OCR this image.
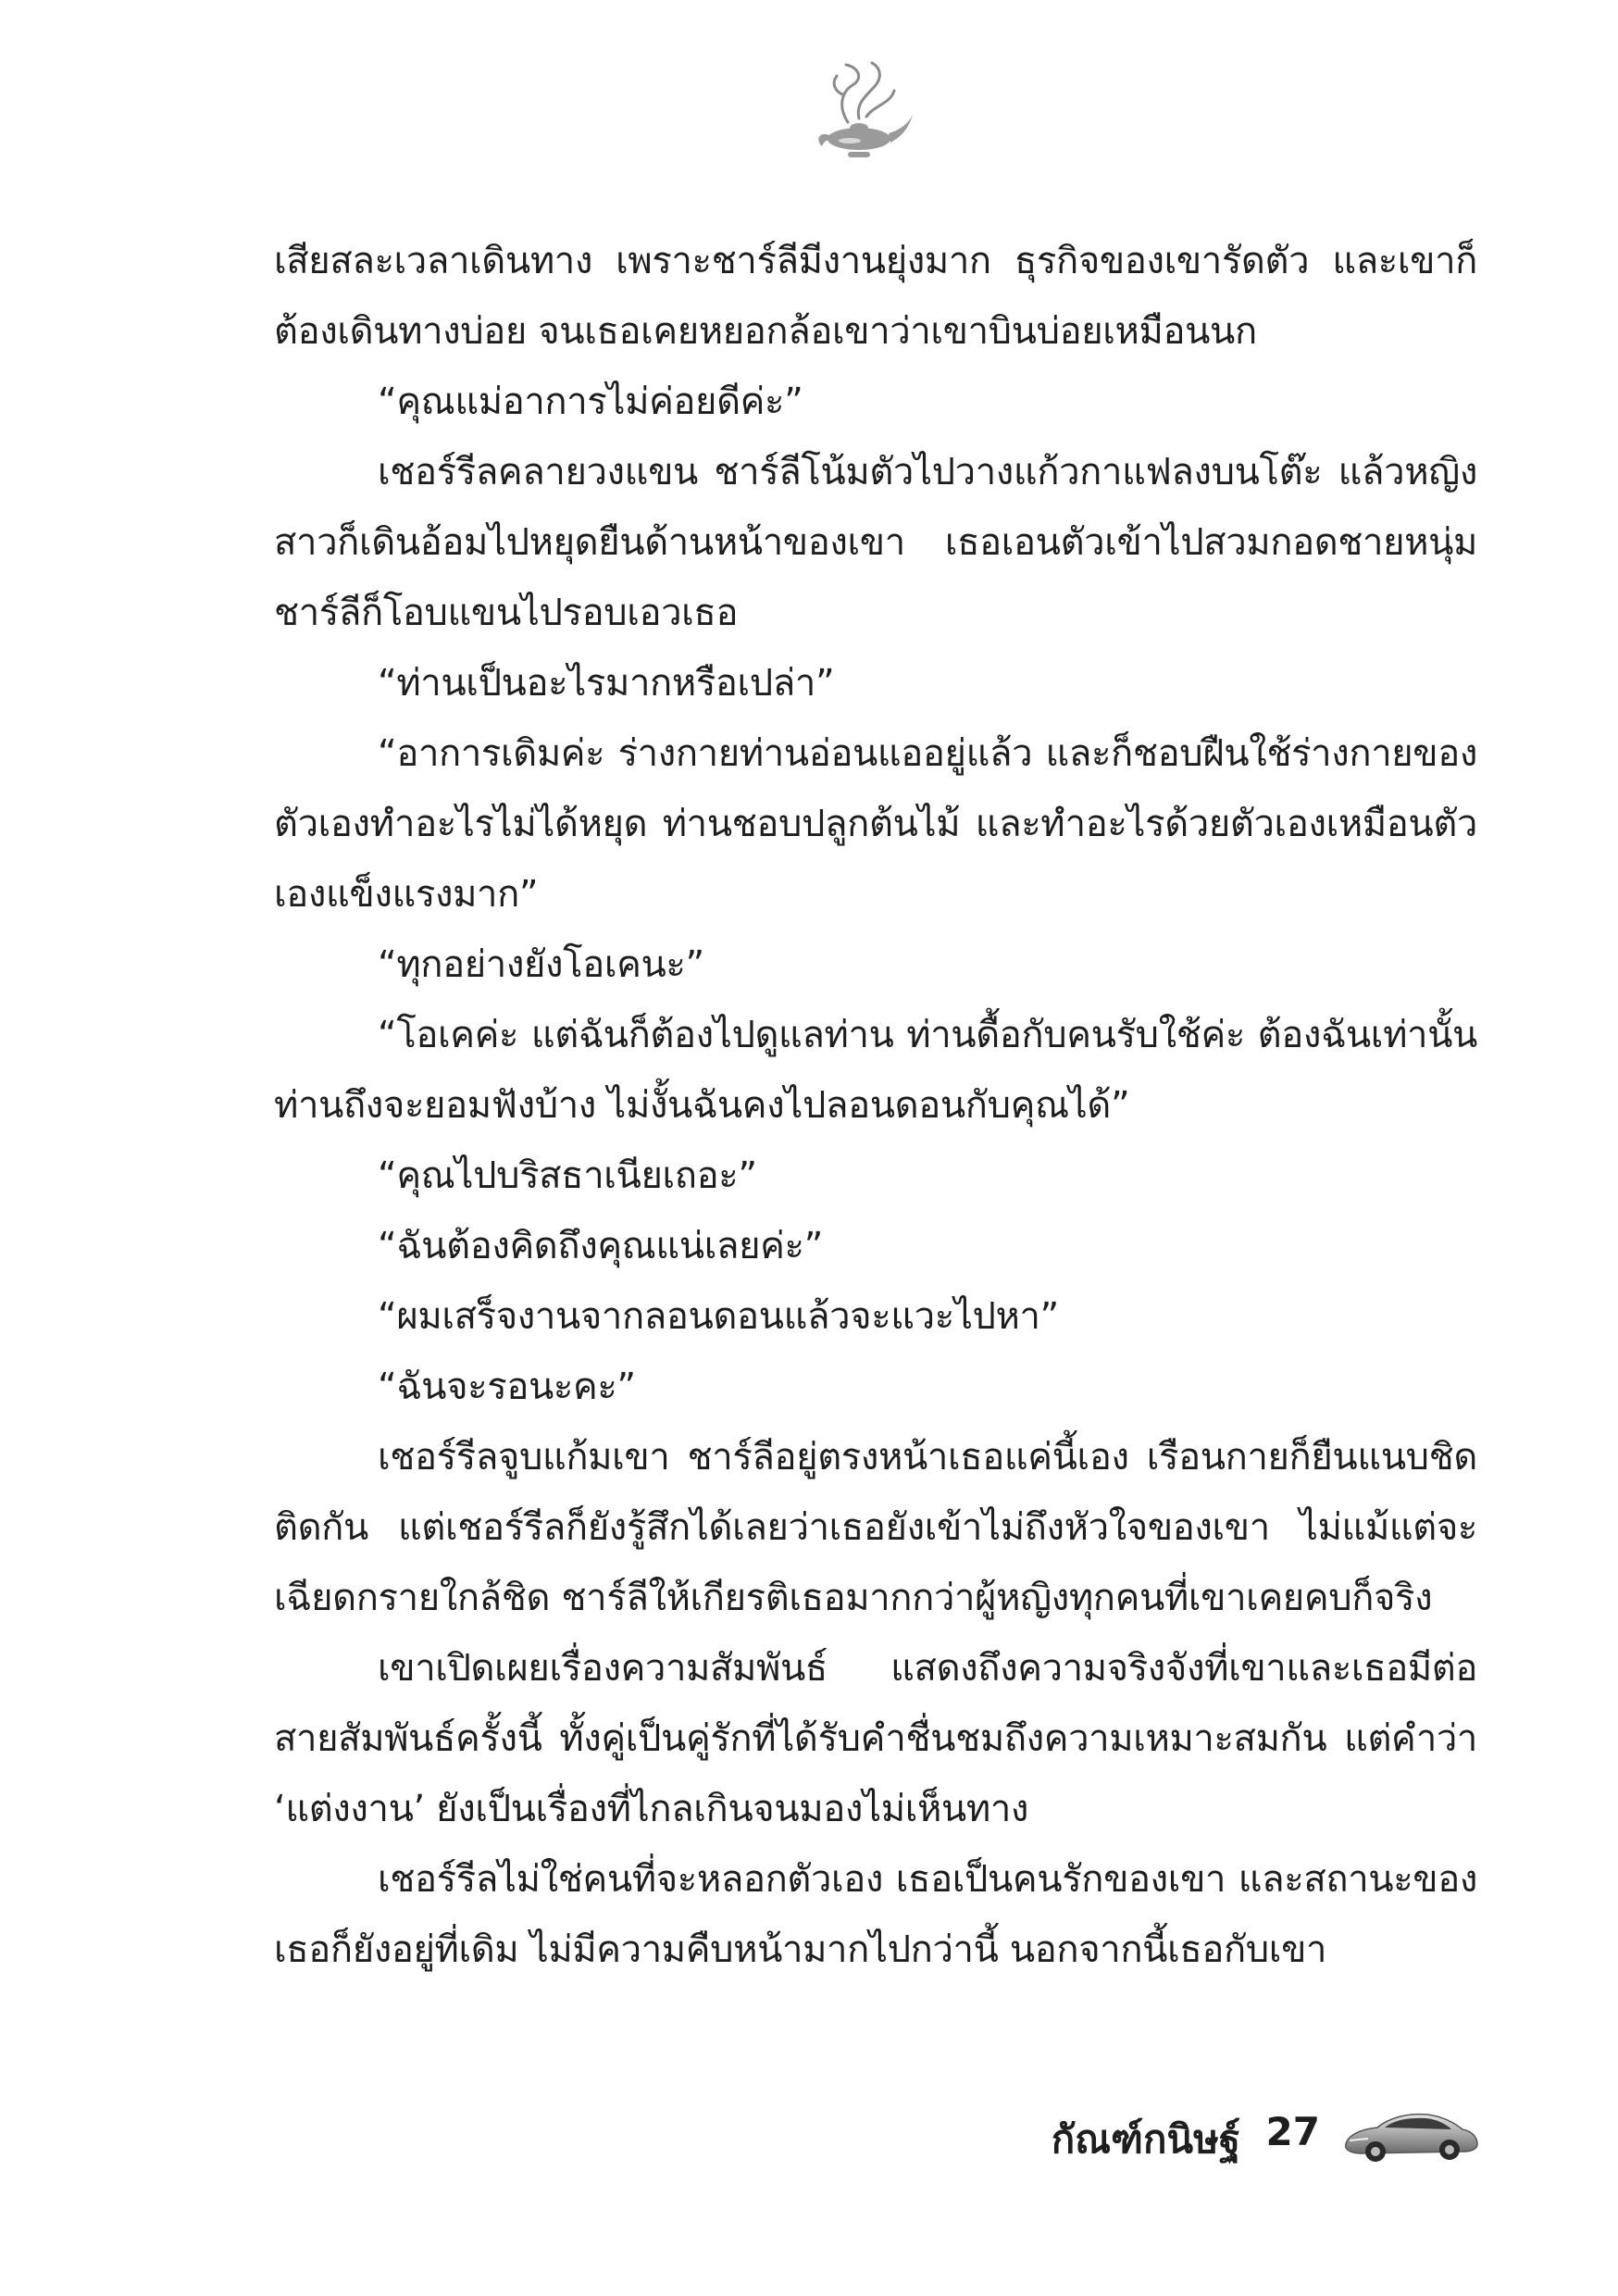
เสียสละเวลาเดินทาง เพราะชาร์ลีมีงานยุ่งมาก ธุรกิจของเขารัดตัว และเขาก็ต้องเดินทางบ่อย จนเธอเคยหยอกล้อเขาว่าเขาบินบ่อยเหมือนนก

“คุณแม่อาการไม่ค่อยดีค่ะ”

เชอร์รีลคลายวงแขน ชาร์ลีโน้มตัวไปวางแก้วกาแฟลงบนโต๊ะ แล้วหญิงสาวก็เดินอ้อมไปหยุดยืนด้านหน้าของเขา เธอเอนตัวเข้าไปสวมกอดชายหนุ่ม ชาร์ลีก็โอบแขนไปรอบเอวเธอ

“ท่านเป็นอะไรมากหรือเปล่า”

“อาการเดิมค่ะ ร่างกายท่านอ่อนแออยู่แล้ว และก็ชอบฝืนใช้ร่างกายของตัวเองทำอะไรไม่ได้หยุด ท่านชอบปลูกต้นไม้ และทำอะไรด้วยตัวเองเหมือนตัวเองแข็งแรงมาก”

“ทุกอย่างยังโอเคนะ”

“โอเคค่ะ แต่ฉันก็ต้องไปดูแลท่าน ท่านดื้อกับคนรับใช้ค่ะ ต้องฉันเท่านั้นท่านถึงจะยอมฟังบ้าง ไม่งั้นฉันคงไปลอนดอนกับคุณได้”

“คุณไปบริสธาเนียเถอะ”

“ฉันต้องคิดถึงคุณแน่เลยค่ะ”

“ผมเสร็จงานจากลอนดอนแล้วจะแวะไปหา”

“ฉันจะรอนะคะ”

เชอร์รีลจูบแก้มเขา ชาร์ลีอยู่ตรงหน้าเธอแค่นี้เอง เรือนกายก็ยืนแนบชิดติดกัน แต่เชอร์รีลก็ยังรู้สึกได้เลยว่าเธอยังเข้าไม่ถึงหัวใจของเขา ไม่แม้แต่จะเฉียดกรายใกล้ชิด ชาร์ลีให้เกียรติเธอมากกว่าผู้หญิงทุกคนที่เขาเคยคบก็จริง

เขาเปิดเผยเรื่องความสัมพันธ์ แสดงถึงความจริงจังที่เขาและเธอมีต่อสายสัมพันธ์ครั้งนี้ ทั้งคู่เป็นคู่รักที่ได้รับคำชื่นชมถึงความเหมาะสมกัน แต่คำว่า ‘แต่งงาน’ ยังเป็นเรื่องที่ไกลเกินจนมองไม่เห็นทาง

เชอร์รีลไม่ใช่คนที่จะหลอกตัวเอง เธอเป็นคนรักของเขา และสถานะของเธอก็ยังอยู่ที่เดิม ไม่มีความคืบหน้ามากไปกว่านี้ นอกจากนี้เธอกับเขา

กัณฑ์กนิษฐ์ 27
